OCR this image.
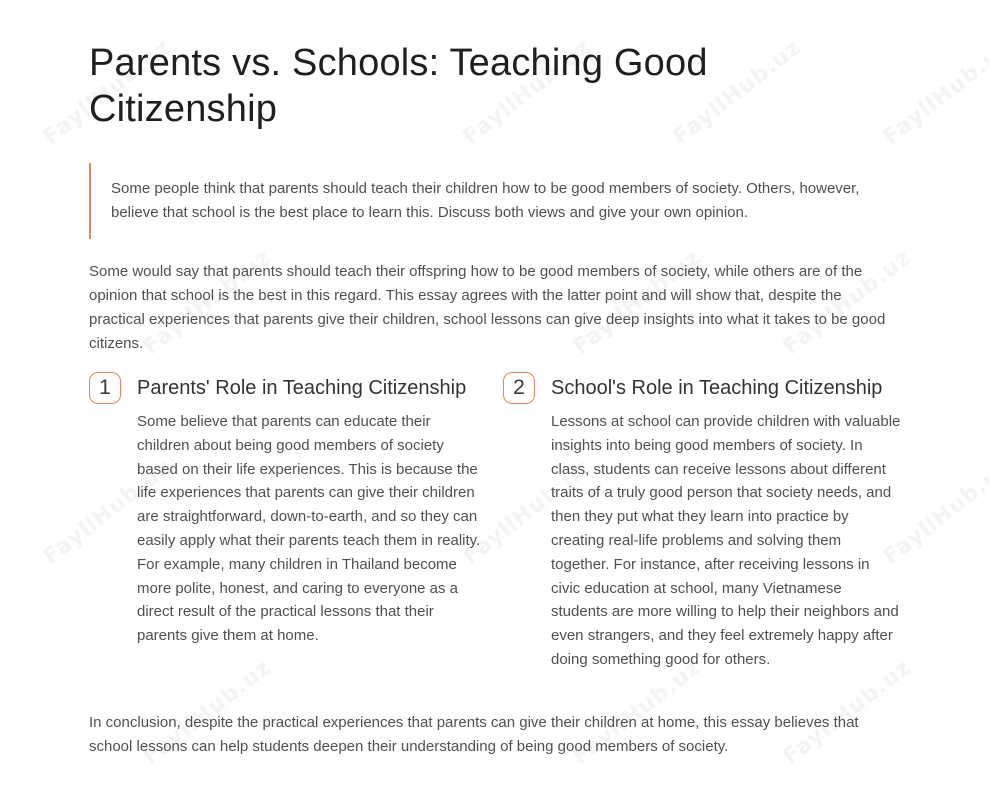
Parents vs. Schools: Teaching Good Citizenship
Some people think that parents should teach their children how to be good members of society. Others, however, believe that school is the best place to learn this. Discuss both views and give your own opinion.

Some would say that parents should teach their offspring how to be good members of society, while others are of the opinion that school is the best in this regard. This essay agrees with the latter point and will show that, despite the practical experiences that parents give their children, school lessons can give deep insights into what it takes to be good citizens.

1	Parents' Role in Teaching Citizenship

Some believe that parents can educate their children about being good members of society based on their life experiences. This is because the life experiences that parents can give their children are straightforward, down-to-earth, and so they can easily apply what their parents teach them in reality. For example, many children in Thailand become more polite, honest, and caring to everyone as a direct result of the practical lessons that their parents give them at home.

2	School's Role in Teaching Citizenship

Lessons at school can provide children with valuable insights into being good members of society. In class, students can receive lessons about different traits of a truly good person that society needs, and then they put what they learn into practice by creating real-life problems and solving them together. For instance, after receiving lessons in civic education at school, many Vietnamese students are more willing to help their neighbors and even strangers, and they feel extremely happy after doing something good for others.

In conclusion, despite the practical experiences that parents can give their children at home, this essay believes that school lessons can help students deepen their understanding of being good members of society.
